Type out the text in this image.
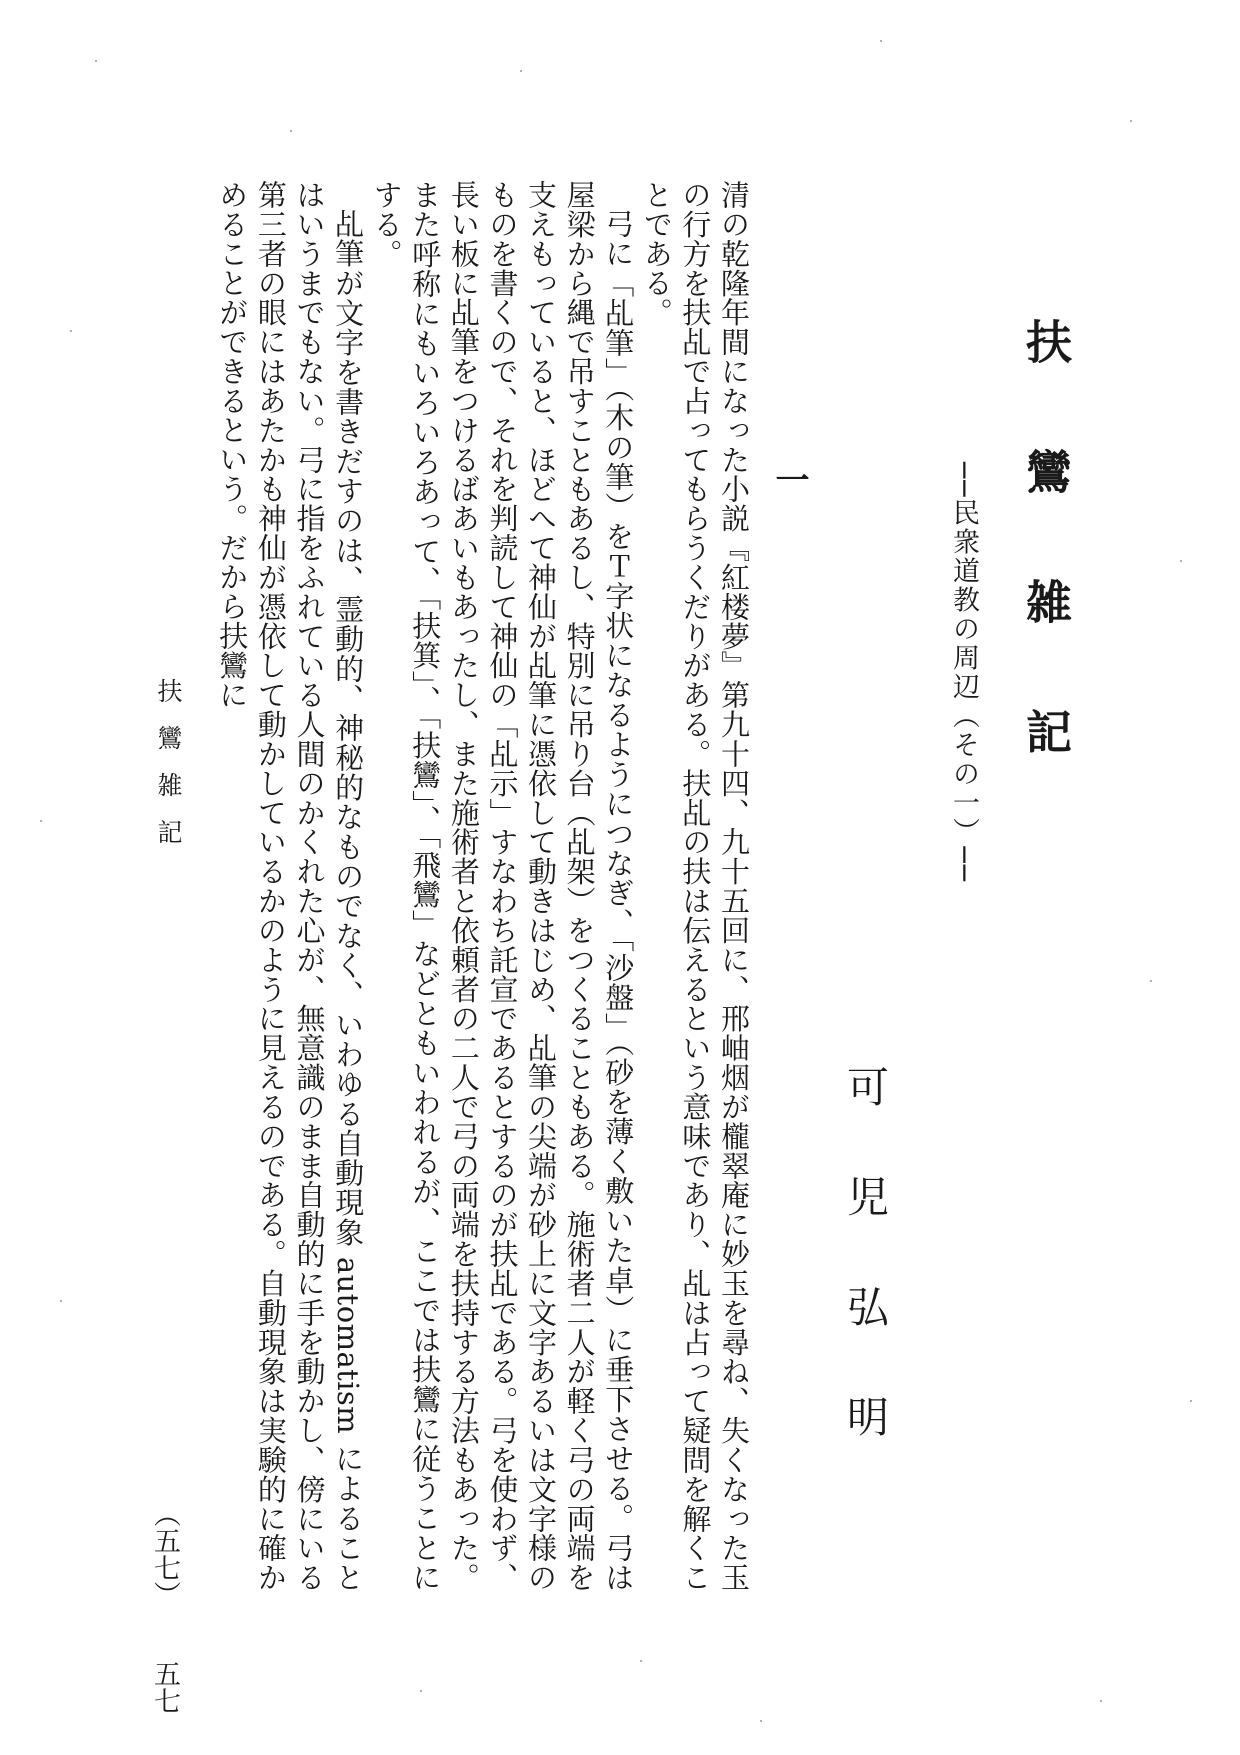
扶鸞雑記
──民衆道教の周辺（その一）──
可児弘明
一

清の乾隆年間になった小説『紅楼夢』第九十四、九十五回に、邢岫烟が櫳翠庵に妙玉を尋ね、失くなった玉の行方を扶乩で占ってもらうくだりがある。扶乩の扶は伝えるという意味であり、乩は占って疑問を解くことである。

弓に「乩筆」（木の筆）をＴ字状になるようにつなぎ、「沙盤」（砂を薄く敷いた卓）に垂下させる。弓は屋梁から縄で吊すこともあるし、特別に吊り台（乩架）をつくることもある。施術者二人が軽く弓の両端を支えもっていると、ほどへて神仙が乩筆に憑依して動きはじめ、乩筆の尖端が砂上に文字あるいは文字様のものを書くので、それを判読して神仙の「乩示」すなわち託宣であるとするのが扶乩である。弓を使わず、長い板に乩筆をつけるばあいもあったし、また施術者と依頼者の二人で弓の両端を扶持する方法もあった。また呼称にもいろいろあって、「扶箕」、「扶鸞」、「飛鸞」などともいわれるが、ここでは扶鸞に従うことにする。

乩筆が文字を書きだすのは、霊動的、神秘的なものでなく、いわゆる自動現象 automatism によることはいうまでもない。弓に指をふれている人間のかくれた心が、無意識のまま自動的に手を動かし、傍にいる第三者の眼にはあたかも神仙が憑依して動かしているかのように見えるのである。自動現象は実験的に確かめることができるという。だから扶鸞に

扶鸞雑記
（五七）
五七
